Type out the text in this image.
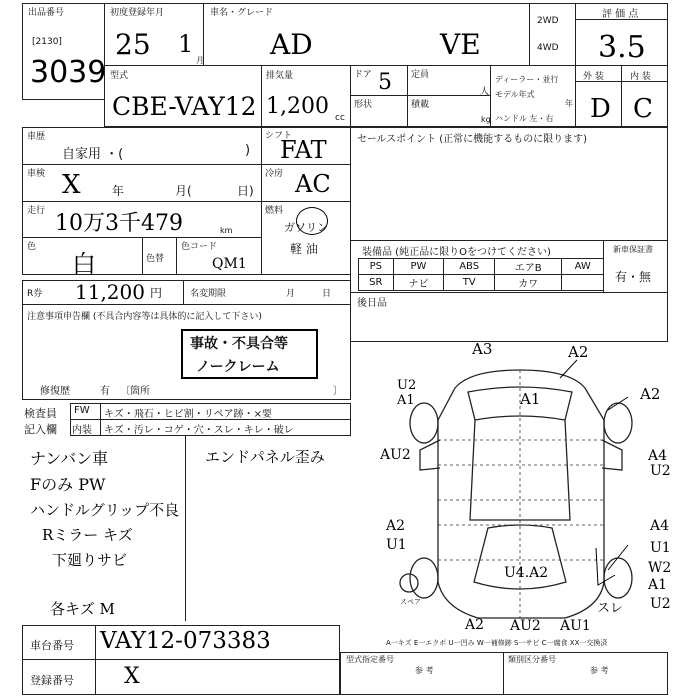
出品番号
[2130]
3039
初度登録年月
25 1
月
車名・グレード
AD	VE
2WD
4WD
評 価 点
3.5
型式
CBE-VAY12
排気量
1,200 cc
ドア 5 定員
人
形状	積載
kg
ディーラー・並行
モデル年式
年
ハンドル 左・右
外 装	内 装
D C
車歴
自家用 ・(	)
シフト
FAT
車検 X	年	月(	日)
冷房 AC
走行 10万3千479	km
燃料
ガソリン
軽 油
色
白	色替
色コード
QM1
R券 11,200 円	名変期限	月	日
注意事項申告欄 (不具合内容等は具体的に記入して下さい)
事故・不具合等
ノークレーム
修復歴	有 〔箇所	〕
セールスポイント (正常に機能するものに限ります)
装備品 (純正品に限りOをつけてください)
PS	PW	ABS	エアB	AW
SR	ナビ	TV	カワ	
新車保証書
有・無
後日品
検査員
記入欄
FW キズ・飛石・ヒビ割・リペア跡・×要
内装 キズ・汚レ・コゲ・穴・スレ・キレ・破レ
ナンバン車
Fのみ PW
ハンドルグリップ不良
Rミラー キズ
下廻りサビ
各キズ M
エンドパネル歪み
A3	A2
A1
U2
A1	A2
AU2	A4
U2
A2
U1
A4
U1
W2
A1
U4.A2
スレ
A2 AU2 AU1
U2
スペア
A一キズ E一エクボ U一凹み W一補修跡 S一サビ C一腐食 XX一交換済
車台番号 VAY12-073383
登録番号 X
型式指定番号
参 考
類別区分番号
参 考
